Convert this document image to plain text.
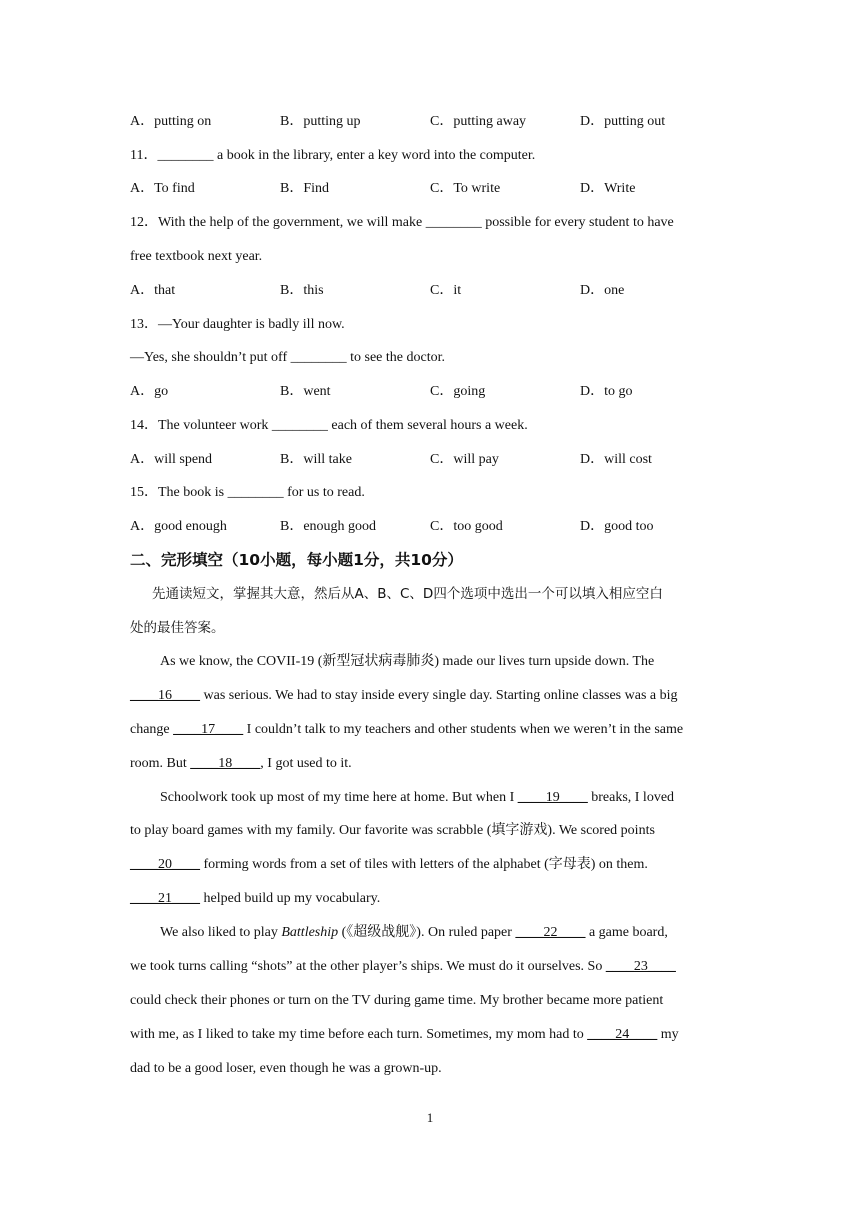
A．putting on	B．putting up	C．putting away	D．putting out
11．________ a book in the library, enter a key word into the computer.
A．To find	B．Find	C．To write	D．Write
12．With the help of the government, we will make ________ possible for every student to have
free textbook next year.
A．that	B．this	C．it	D．one
13．—Your daughter is badly ill now.
—Yes, she shouldn’t put off ________ to see the doctor.
A．go	B．went	C．going	D．to go
14．The volunteer work ________ each of them several hours a week.
A．will spend	B．will take	C．will pay	D．will cost
15．The book is ________ for us to read.
A．good enough	B．enough good	C．too good	D．good too
二、完形填空（10小题，每小题1分，共10分）
先通读短文，掌握其大意，然后从A、B、C、D四个选项中选出一个可以填入相应空白
处的最佳答案。
As we know, the COVII-19 (新型冠状病毒肺炎) made our lives turn upside down. The
____16____ was serious. We had to stay inside every single day. Starting online classes was a big
change ____17____ I couldn’t talk to my teachers and other students when we weren’t in the same
room. But ____18____, I got used to it.
Schoolwork took up most of my time here at home. But when I ____19____ breaks, I loved
to play board games with my family. Our favorite was scrabble (填字游戏). We scored points
____20____ forming words from a set of tiles with letters of the alphabet (字母表) on them.
____21____ helped build up my vocabulary.
We also liked to play Battleship (《超级战舰》). On ruled paper ____22____ a game board,
we took turns calling “shots” at the other player’s ships. We must do it ourselves. So ____23____
could check their phones or turn on the TV during game time. My brother became more patient
with me, as I liked to take my time before each turn. Sometimes, my mom had to ____24____ my
dad to be a good loser, even though he was a grown-up.
1
